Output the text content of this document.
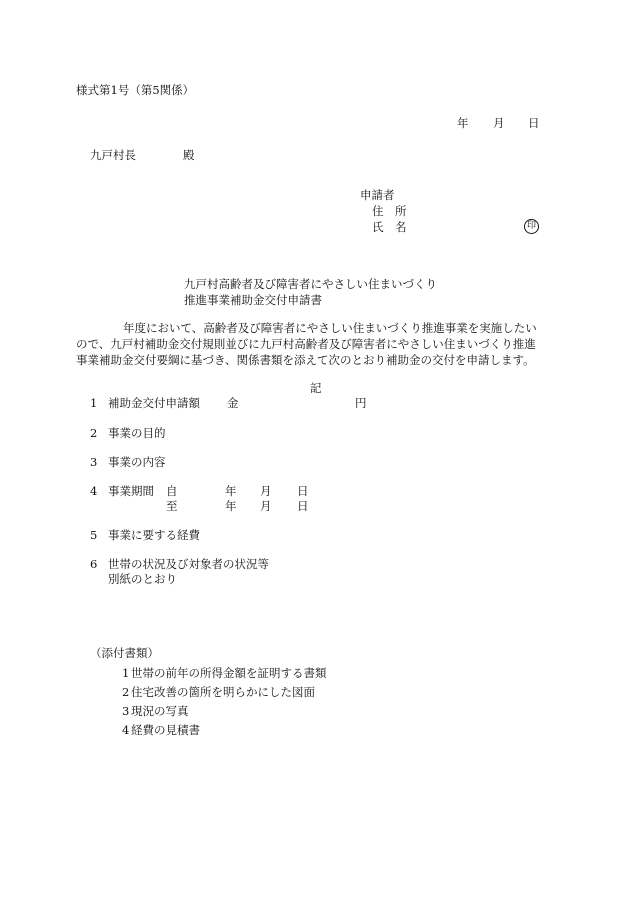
様式第1号（第5関係）
年 月 日
九戸村長	殿
申請者
住　所
氏　名	印
九戸村高齢者及び障害者にやさしい住まいづくり
推進事業補助金交付申請書
年度において、高齢者及び障害者にやさしい住まいづくり推進事業を実施したい
ので、九戸村補助金交付規則並びに九戸村高齢者及び障害者にやさしい住まいづくり推進
事業補助金交付要綱に基づき、関係書類を添えて次のとおり補助金の交付を申請します。
記
1 補助金交付申請額 金	円
2 事業の目的
3 事業の内容
4 事業期間 自	年 月 日
至	年 月 日
5 事業に要する経費
6 世帯の状況及び対象者の状況等
別紙のとおり
（添付書類）
1 世帯の前年の所得金額を証明する書類
2 住宅改善の箇所を明らかにした図面
3 現況の写真
4 経費の見積書
